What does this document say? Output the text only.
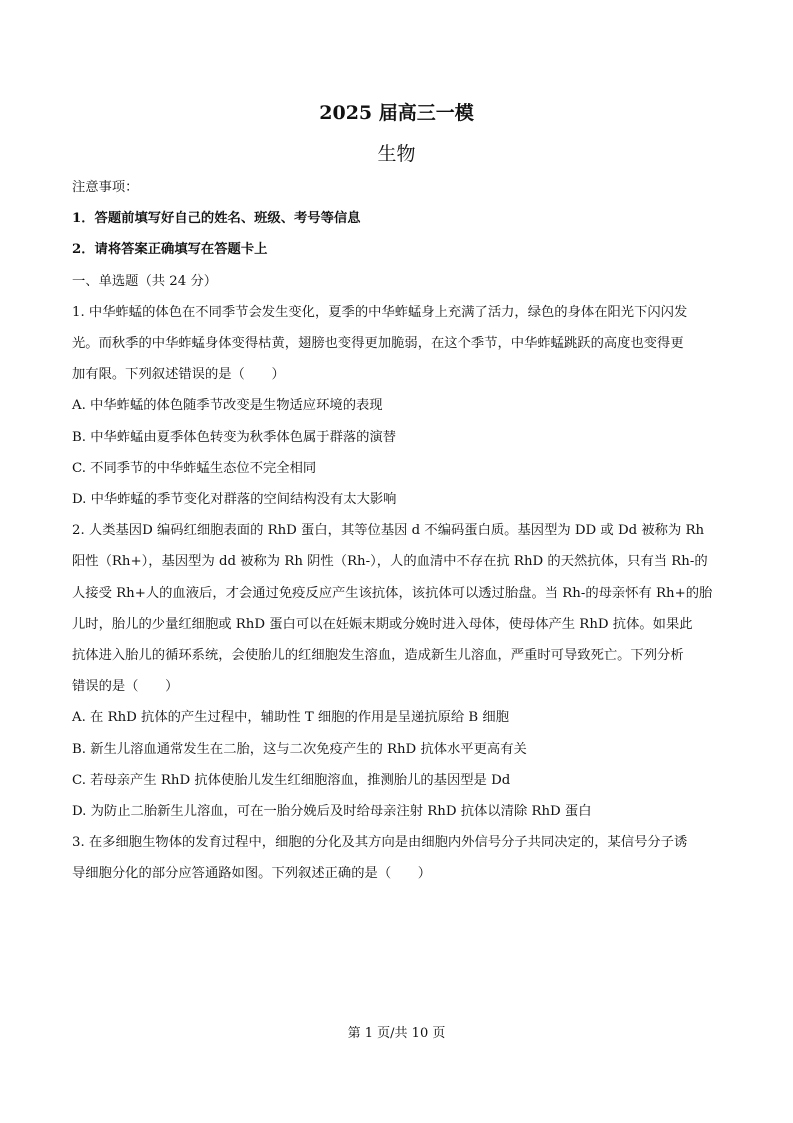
2025 届高三一模
生物

注意事项：

1．答题前填写好自己的姓名、班级、考号等信息

2．请将答案正确填写在答题卡上

一、单选题（共 24 分）

1. 中华蚱蜢的体色在不同季节会发生变化，夏季的中华蚱蜢身上充满了活力，绿色的身体在阳光下闪闪发

光。而秋季的中华蚱蜢身体变得枯黄，翅膀也变得更加脆弱，在这个季节，中华蚱蜢跳跃的高度也变得更

加有限。下列叙述错误的是（　　）

A. 中华蚱蜢的体色随季节改变是生物适应环境的表现

B. 中华蚱蜢由夏季体色转变为秋季体色属于群落的演替

C. 不同季节的中华蚱蜢生态位不完全相同

D. 中华蚱蜢的季节变化对群落的空间结构没有太大影响

2. 人类基因D 编码红细胞表面的 RhD 蛋白，其等位基因 d 不编码蛋白质。基因型为 DD 或 Dd 被称为 Rh

阳性（Rh+），基因型为 dd 被称为 Rh 阴性（Rh-），人的血清中不存在抗 RhD 的天然抗体，只有当 Rh-的

人接受 Rh+人的血液后，才会通过免疫反应产生该抗体，该抗体可以透过胎盘。当 Rh-的母亲怀有 Rh+的胎

儿时，胎儿的少量红细胞或 RhD 蛋白可以在妊娠末期或分娩时进入母体，使母体产生 RhD 抗体。如果此

抗体进入胎儿的循环系统，会使胎儿的红细胞发生溶血，造成新生儿溶血，严重时可导致死亡。下列分析

错误的是（　　）

A. 在 RhD 抗体的产生过程中，辅助性 T 细胞的作用是呈递抗原给 B 细胞

B. 新生儿溶血通常发生在二胎，这与二次免疫产生的 RhD 抗体水平更高有关

C. 若母亲产生 RhD 抗体使胎儿发生红细胞溶血，推测胎儿的基因型是 Dd

D. 为防止二胎新生儿溶血，可在一胎分娩后及时给母亲注射 RhD 抗体以清除 RhD 蛋白

3. 在多细胞生物体的发育过程中，细胞的分化及其方向是由细胞内外信号分子共同决定的，某信号分子诱

导细胞分化的部分应答通路如图。下列叙述正确的是（　　）

第 1 页/共 10 页
